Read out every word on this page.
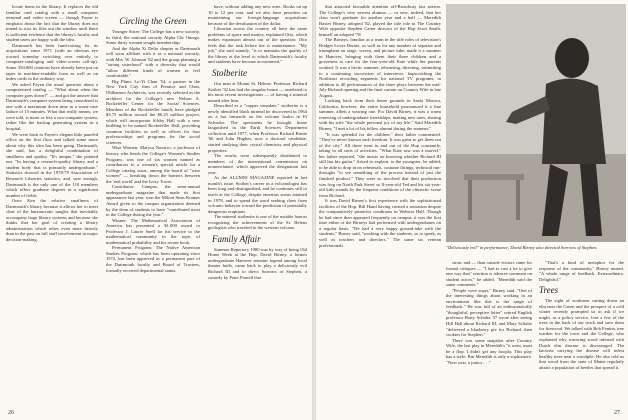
locate items in the library. It replaces the old familiar card catalog with a small computer terminal and video screen — though Fayen is emphatic about the fact that the library does not intend to toss its files out the window until there is sufficient evidence that the library's faculty and student users are happy with the idea.

Dartmouth has been fund-raising for its acquisitions since 1971 (with an obvious eye toward someday switching over entirely to computer-cataloging and video-screen call-up). Some 350,000 citations have already been put on tapes in machine-readable form as well as on index cards in the ordinary way.

We asked Fayen the usual question about a computerized catalog — "What about when the computer goes down?" — and got the answer that Dartmouth's computer system being considered is one with a maximum down time in a worst-case failure of 15 minutes. What that really means, we were told, is more or less a two-computer system, rather like the backup generating system in a hospital.

We were back to Fayen's elegant little paneled office on the first floor and talked some more about why this idea has been going. Dartmouth, she said, has a delightful combination of smallness and quality. "It's unique," she pointed out. "In having a research-quality library and a student body that is primarily undergraduate." Statistics showed in the 1978-79 Association of Research Libraries statistics, and, sure enough, Dartmouth is the only one of the 110 members which offers graduate degrees in a significant number of fields.

Once Ken the relative smallness of Dartmouth's library because it allows her to meet clear of the bureaucratic tangles that inevitably accompany large library systems and because she thinks that her goal of creating a library administration which relies even more heavily than in the past on full staff involvement in major decision-making.

Circling the Green

Younger Sister: The College has a new sorority, its third, the national sorority Alpha Chi Omega. Some thirty women sought membership.

And the Alpha Xi Delta chapter at Dartmouth will soon affiliate with it as a national sorority, with Mrs. W. Johnson '62 and the group planning a "strong sisterhood" with a diversity that would "allow different kinds of women to feel comfortable."

Big Plum: Lo-Yi Chan '54, a partner in the New York City firm of Prentice and Chan, Ohlhausen Architects, was recently selected as the architect for the College's new Nelson A. Rockefeller Center for the Social Sciences. Members of the Rockefeller family have pledged $3.75 million toward the $6.25 million project, which will incorporate Silsby Hall with a new building to be named Rockefeller Hall, providing common facilities as well as offices for four professorships and programs for the social sciences.

Wise Women: Marysa Navarro, a professor of history who heads the College's Women's Studies Program, was one of six women named as contributors to a women's special article for a College catalog issue, among the board of "wise women" — breaking down the barriers between the 'real world' and the Ivory Tower.

Contributor: Campus, the semi-annual undergraduate magazine that made its first appearance last year, won the Milton Sims Kramer Award given to the campus organization deemed by the dean of students to have "contributed most to the College during the year."

Winner: The Mathematical Association of America has presented a $1,000 award to Professor J. Laurie Snell for his service to the mathematical community in the topic of mathematical probability and his recent book.

Permanent Program: The Native American Studies Program, which has been operating since 1972, has been approved as a permanent part of the Dartmouth faculty and Board of Trustees, formally received departmental status.

have, without adding any new ones. Books on up 10 to 12 per cent, and we also have priorities on maintaining our foreign-language acquisitions because of the devaluation of the dollar.

Librarian across the country all have the same problems of space and money, explained Otto, which makes expansion almost out of the question. Otto feels that the task before her is maintenance. "My job," she said sunnily, "is to maintain the quality of the library at the level to which Dartmouth's faculty and students have become accustomed."

Stolberite

Our man at Mount St. Helens: Professor Richard Stoiber '32 has had the singular honor — unrelated to his most recent investigations — of having a mineral named after him.

Described as a "copper vanadate," stoiberite is a newly identified black mineral he discovered in 1964 on a hot fumarole on the volcano Izalco in El Salvador. The specimens he brought home languished in the Earth Sciences Department collection until 1977, when Professor Richard Birnie '66 and John Hughes, now a doctoral candidate, started studying their crystal chemistry and physical properties.

The results were subsequently distributed to members of the international commission on nomenclature, which approved the designation last year.

As the ALUMNI MAGAZINE reported in last month's issue, Stoiber's career as a volcanologist has been long and distinguished, and he continues still to teach at the College, despite emeritus status attained in 1978, and to spend the word seeking clues from volcanic behavior toward the prediction of potentially dangerous eruptions.

The mineral stoiberite is one of the notable honors recognizing the achievements of the St. Helens geologists who traveled to the western volcano.

Family Affair

Summer Repertory 1980 was by way of being Old Home Week at the Hop. David Birney, a former undergraduate Hanover remains legend among local theater buffs, came back to play a deliciously evil Richard III and to direct Sorrows of Stephen, a comedy by Peter Parnell that

26

that attracted favorable attention off-Broadway last season. The College's very newest alumna — or new, indeed, that her class won't graduate for another year and a half — Meredith Baxter Birney, adopted '82, played the title role in The Country Wife opposite Stephen Carter director of the Hop Scott Smith, himself an adopted '78.

The Birneys, familiar as a team in the title roles of television's Bridget Loves Bernie, as well as for any number of separate and triumphant on stage, screen, and picture tube, made it a summer in Hanover, bringing with them their three children and a governess to care for the four-year-old Kate while her parents worked. It was a hectic summer, rehearsing, directing, submitting to a continuing succession of interviews, hopscotching the Northeast recording segments for national TV programs, in addition to 40 performances of the three plays between the mid-July Richard opening and the final curtain on Country Wife in late August.

Looking back from their home grounds in Santa Monica, California, however, the entire household pronounced it a fine summer, albeit a wearing one. For David Birney, it was a warm renewing of undergraduate friendships, making new ones, sharing with his wife "the whole personal joy of my life." Said Meredith Birney, "I met a lot of his fellow alumni during the summer."

"It was splendid for the children," their father commented. "They've never known such freedom. It was great to get them out of the city." All three went in and out of the Hop constantly, taking in all sorts of activities. "What Kate saw was a marvel," her father reported, "she insists on knowing whether Richard III still has his guitar." Asked to explain, to the youngster, he added, to be able to drop in on rehearsals, costume fittings, technical run-throughs "to see something of the process instead of just the finished product." They were so involved that their production was frog on North Park Street so Il-year-old Ted and his six-year-old kids sounds by the frequent conditions of the climactic scene from Richard.

It was David Birney's first experience with the sophisticated facilities of the Hop. Bill Hand having created a sensation despite the comparatively primitive conditions in Webster Hall. Though he had since then appeared frequently on campus, it was the first time either of the Birneys had performed with undergraduates on a regular basis. "We had a very happy ground-take with the students," Birney said, "working with the students, so to speak, as well as teachers and directors." The same six veteran professionals	"Deliciously evil" in performance, David Birney also directed Sorrows of Stephen.

stron: and — than outside visitors came for formal critiques — "I had to cast a lot to give one way that" reaction is adverse comment on student actors," he added. "Meredith said the same comments."

"People were super," Birney said. "One of the interesting things about working in an environment like this is the range of feedback." He was full of an enthusiastically "thoughtful, perceptive letter" retired English professor Harry Schultz '37 wrote after seeing Hill Hall about Richard III, and Mary Schultz "delivered a blueberry pie for Richard, then cookies for Stephen."

There was some snapshot after Country Wife, the last play in Meredith's "it went, must be a flop. I didn't get any hoopla. This play has a style. But Meredith is only a sophomore. "Next year, a junior . . ."

"That's a kind of metaphor for the response of the community," Birney mused. "A whole range of feedback. Extraordinary. Delightful."

Trees

The sight of workmen cutting down an elm near the Green and the prospect of a cold winter recently prompted us to ask if we might, as a policy service, lose a few of the trees in the back of our truck and save them for firewood. We talked with Bob Fenton, tree warden for the town and the College, who explained why wavering wood infested with Dutch elm disease is discouraged. The bacteria carrying the disease will infest healthy trees near a woodpile. He also told us that wood from the state of Maine regularly attract a population of beetles that spread it.

27
